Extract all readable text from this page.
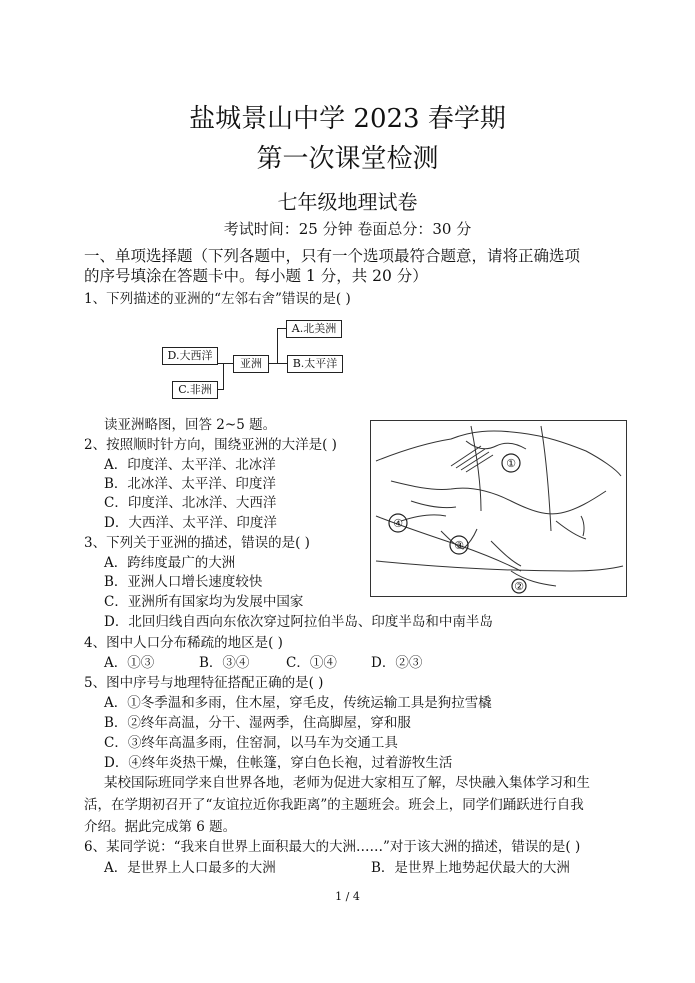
盐城景山中学 2023 春学期
第一次课堂检测
七年级地理试卷
考试时间：25 分钟 卷面总分：30 分
一、单项选择题（下列各题中，只有一个选项最符合题意，请将正确选项
的序号填涂在答题卡中。每小题 1 分，共 20 分）
1、下列描述的亚洲的“左邻右舍”错误的是( )
亚洲
A.北美洲
B.太平洋
C.非洲
D.大西洋
读亚洲略图，回答 2~5 题。
①
②
③
④
2、按照顺时针方向，围绕亚洲的大洋是( )
A．印度洋、太平洋、北冰洋
B．北冰洋、太平洋、印度洋
C．印度洋、北冰洋、大西洋
D．大西洋、太平洋、印度洋
3、下列关于亚洲的描述，错误的是( )
A．跨纬度最广的大洲
B．亚洲人口增长速度较快
C．亚洲所有国家均为发展中国家
D．北回归线自西向东依次穿过阿拉伯半岛、印度半岛和中南半岛
4、图中人口分布稀疏的地区是( )
A．①③	B．③④	C．①④	D．②③
5、图中序号与地理特征搭配正确的是( )
A．①冬季温和多雨，住木屋，穿毛皮，传统运输工具是狗拉雪橇
B．②终年高温，分干、湿两季，住高脚屋，穿和服
C．③终年高温多雨，住窑洞，以马车为交通工具
D．④终年炎热干燥，住帐篷，穿白色长袍，过着游牧生活
某校国际班同学来自世界各地，老师为促进大家相互了解，尽快融入集体学习和生
活，在学期初召开了“友谊拉近你我距离”的主题班会。班会上，同学们踊跃进行自我
介绍。据此完成第 6 题。
6、某同学说：“我来自世界上面积最大的大洲……”对于该大洲的描述，错误的是( )
A．是世界上人口最多的大洲	B．是世界上地势起伏最大的大洲
1 / 4
